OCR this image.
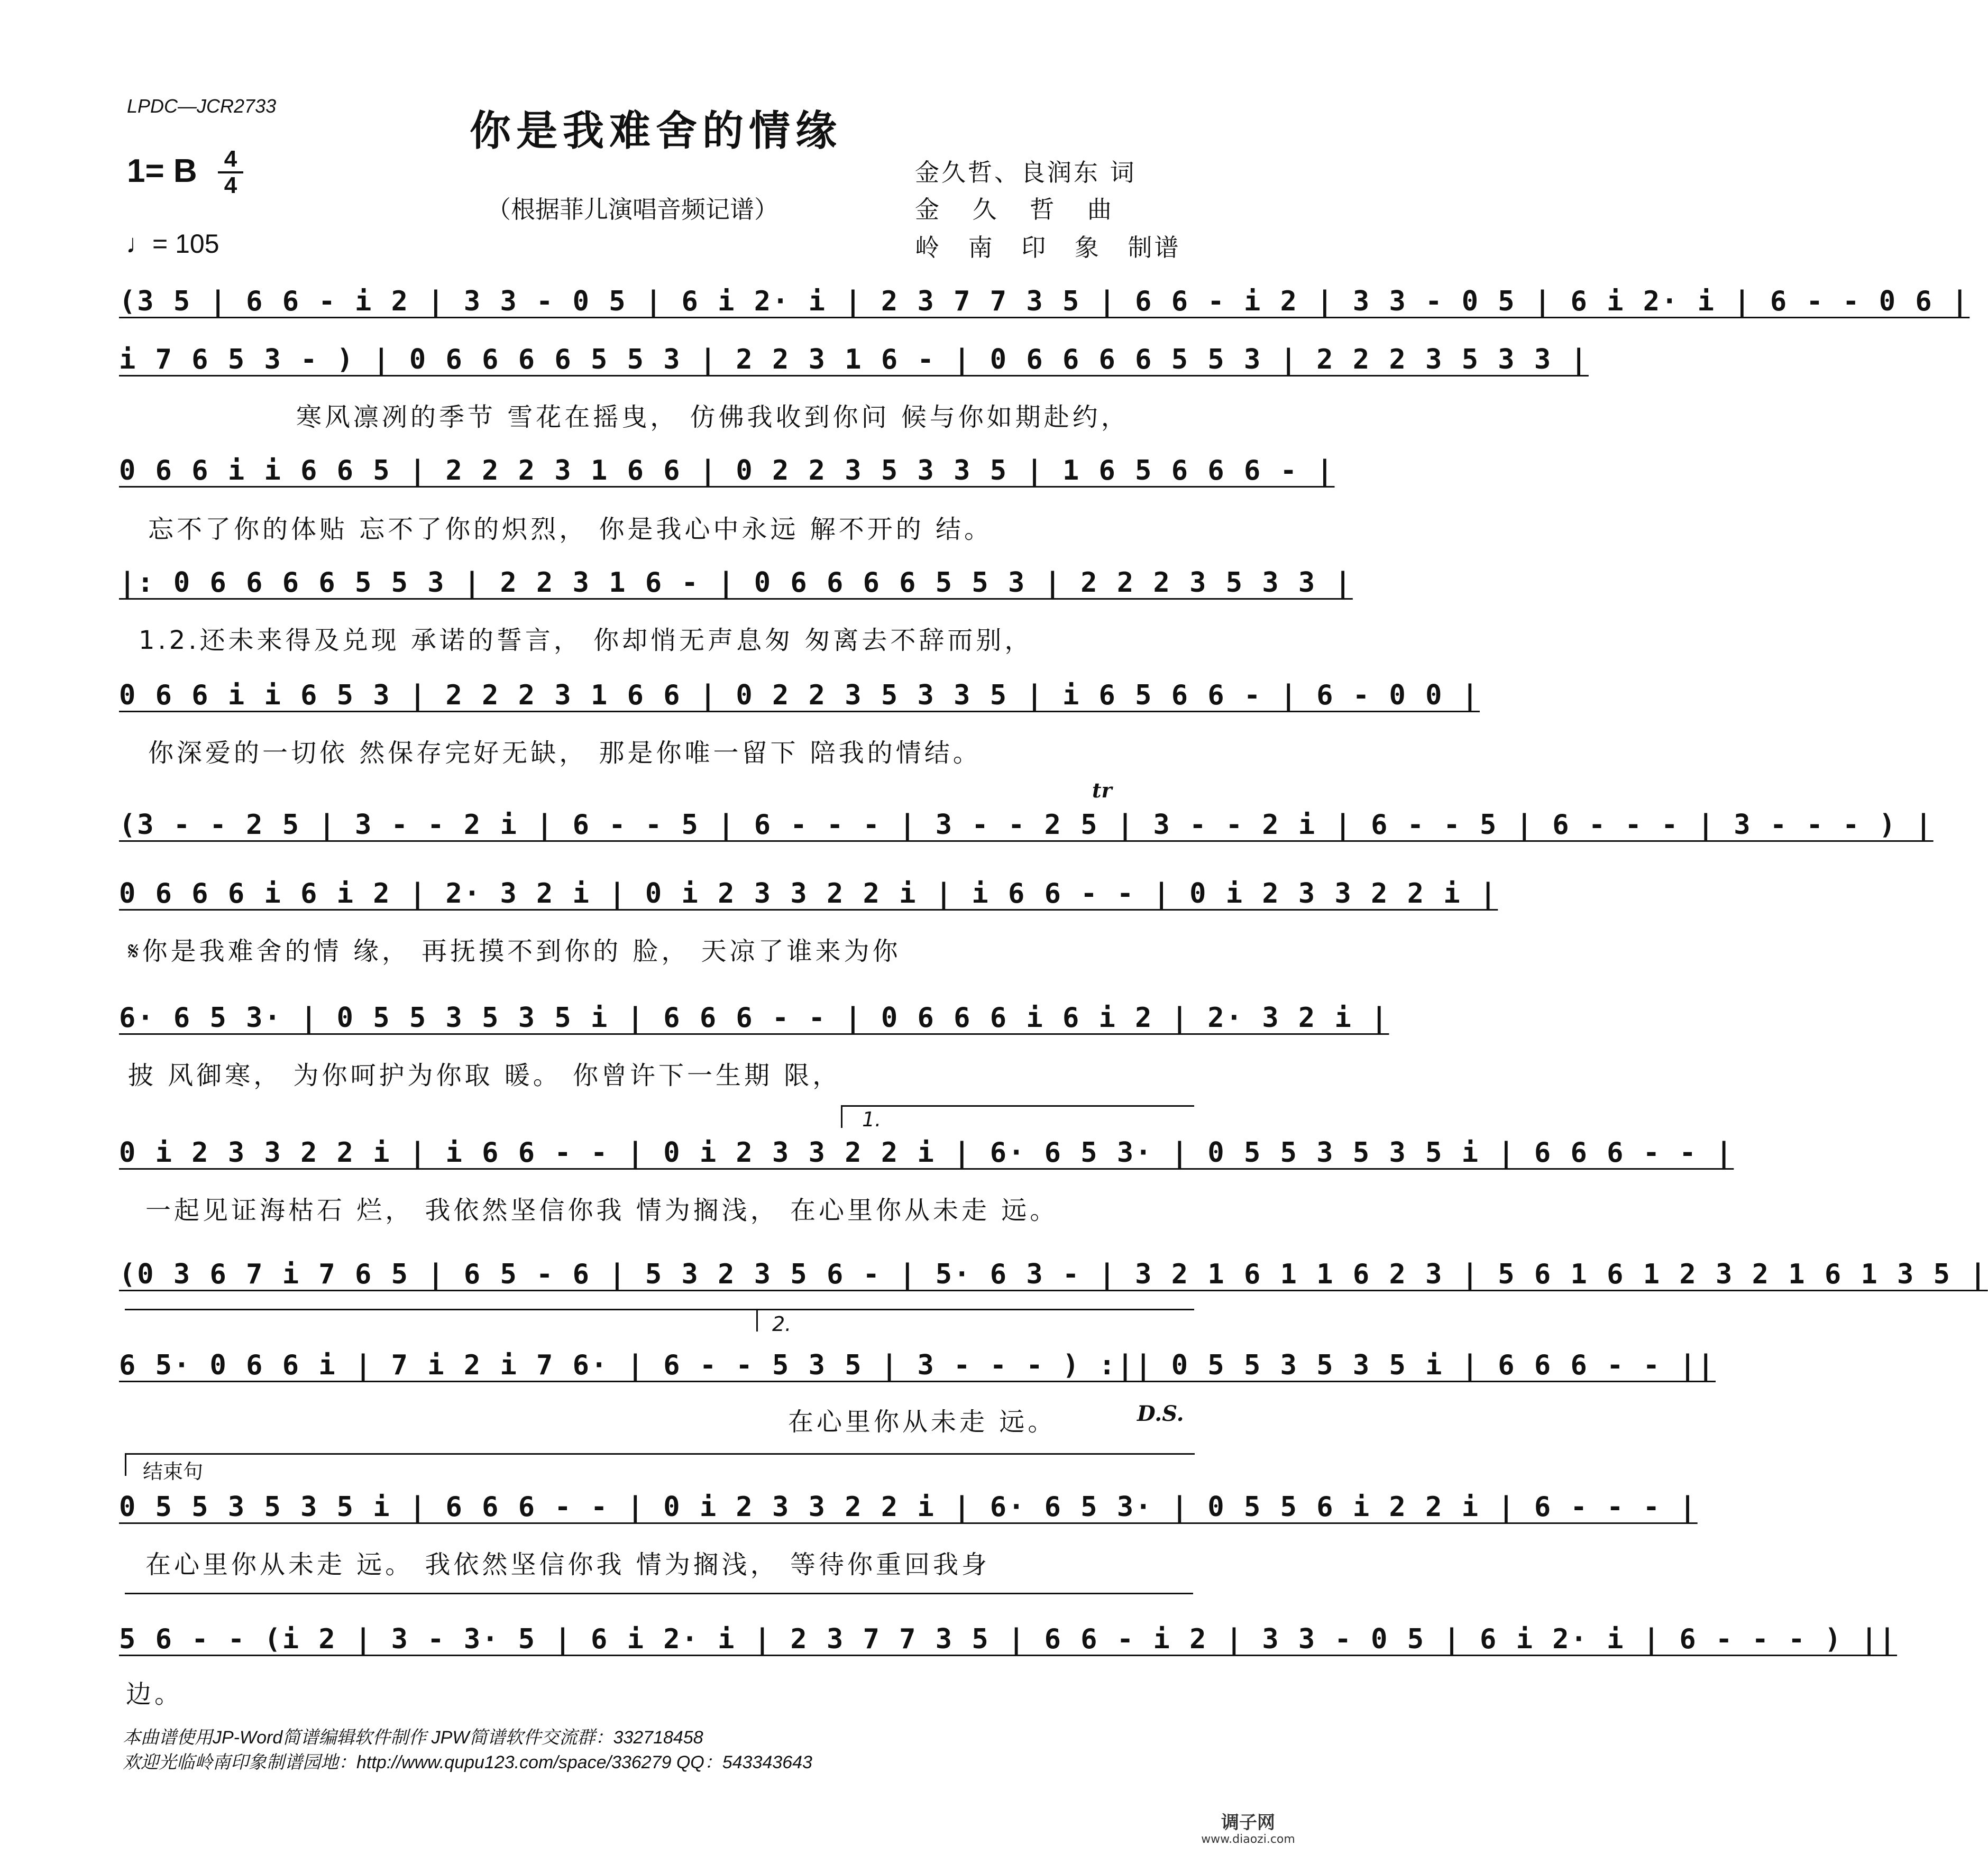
LPDC—JCR2733
你是我难舍的情缘
1= B 4
4
（根据菲儿演唱音频记谱）
♩= 105
金久哲、良润东 词
金 久 哲 曲
岭 南 印 象 制谱
(3 5 | 6 6 - i 2 | 3 3 - 0 5 | 6 i 2· i | 2 3 7 7 3 5 | 6 6 - i 2 | 3 3 - 0 5 | 6 i 2· i | 6 - - 0 6 |
i 7 6 5 3 - ) | 0 6 6 6 6 5 5 3 | 2 2 3 1 6 - | 0 6 6 6 6 5 5 3 | 2 2 2 3 5 3 3 |
寒风凛冽的季节 雪花在摇曳， 仿佛我收到你问 候与你如期赴约，
0 6 6 i i 6 6 5 | 2 2 2 3 1 6 6 | 0 2 2 3 5 3 3 5 | 1 6 5 6 6 6 - |
忘不了你的体贴 忘不了你的炽烈， 你是我心中永远 解不开的 结。
|: 0 6 6 6 6 5 5 3 | 2 2 3 1 6 - | 0 6 6 6 6 5 5 3 | 2 2 2 3 5 3 3 |
1.2.还未来得及兑现 承诺的誓言， 你却悄无声息匆 匆离去不辞而别，
0 6 6 i i 6 5 3 | 2 2 2 3 1 6 6 | 0 2 2 3 5 3 3 5 | i 6 5 6 6 - | 6 - 0 0 |
你深爱的一切依 然保存完好无缺， 那是你唯一留下 陪我的情结。
tr
(3 - - 2 5 | 3 - - 2 i | 6 - - 5 | 6 - - - | 3 - - 2 5 | 3 - - 2 i | 6 - - 5 | 6 - - - | 3 - - - ) |
0 6 6 6 i 6 i 2 | 2· 3 2 i | 0 i 2 3 3 2 2 i | i 6 6 - - | 0 i 2 3 3 2 2 i |
𝄋你是我难舍的情 缘， 再抚摸不到你的 脸， 天凉了谁来为你
6· 6 5 3· | 0 5 5 3 5 3 5 i | 6 6 6 - - | 0 6 6 6 i 6 i 2 | 2· 3 2 i |
披 风御寒， 为你呵护为你取 暖。 你曾许下一生期 限，
1.
0 i 2 3 3 2 2 i | i 6 6 - - | 0 i 2 3 3 2 2 i | 6· 6 5 3· | 0 5 5 3 5 3 5 i | 6 6 6 - - |
一起见证海枯石 烂， 我依然坚信你我 情为搁浅， 在心里你从未走 远。
(0 3 6 7 i 7 6 5 | 6 5 - 6 | 5 3 2 3 5 6 - | 5· 6 3 - | 3 2 1 6 1 1 6 2 3 | 5 6 1 6 1 2 3 2 1 6 1 3 5 |
2.
6 5· 0 6 6 i | 7 i 2 i 7 6· | 6 - - 5 3 5 | 3 - - - ) :|| 0 5 5 3 5 3 5 i | 6 6 6 - - ||
在心里你从未走 远。	D.S.
结束句
0 5 5 3 5 3 5 i | 6 6 6 - - | 0 i 2 3 3 2 2 i | 6· 6 5 3· | 0 5 5 6 i 2 2 i | 6 - - - |
在心里你从未走 远。 我依然坚信你我 情为搁浅， 等待你重回我身
5 6 - - (i 2 | 3 - 3· 5 | 6 i 2· i | 2 3 7 7 3 5 | 6 6 - i 2 | 3 3 - 0 5 | 6 i 2· i | 6 - - - ) ||
边。
本曲谱使用JP-Word简谱编辑软件制作 JPW简谱软件交流群：332718458
欢迎光临岭南印象制谱园地：http://www.qupu123.com/space/336279 QQ：543343643
调子网
www.diaozi.com
